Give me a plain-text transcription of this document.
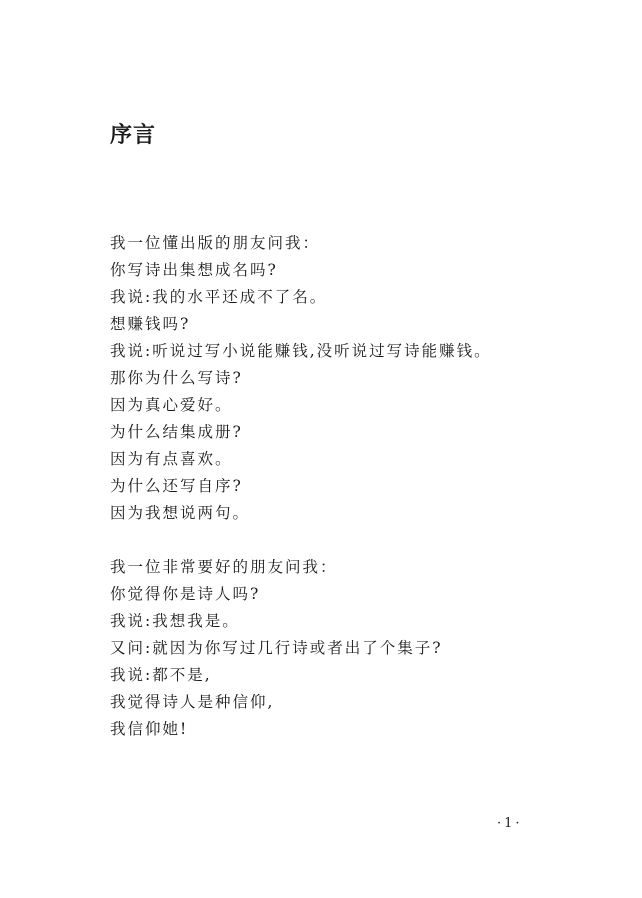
序言
我一位懂出版的朋友问我：
你写诗出集想成名吗?
我说:我的水平还成不了名。
想赚钱吗?
我说:听说过写小说能赚钱,没听说过写诗能赚钱。
那你为什么写诗?
因为真心爱好。
为什么结集成册?
因为有点喜欢。
为什么还写自序?
因为我想说两句。
我一位非常要好的朋友问我：
你觉得你是诗人吗?
我说:我想我是。
又问:就因为你写过几行诗或者出了个集子?
我说:都不是,
我觉得诗人是种信仰,
我信仰她!
·1·
